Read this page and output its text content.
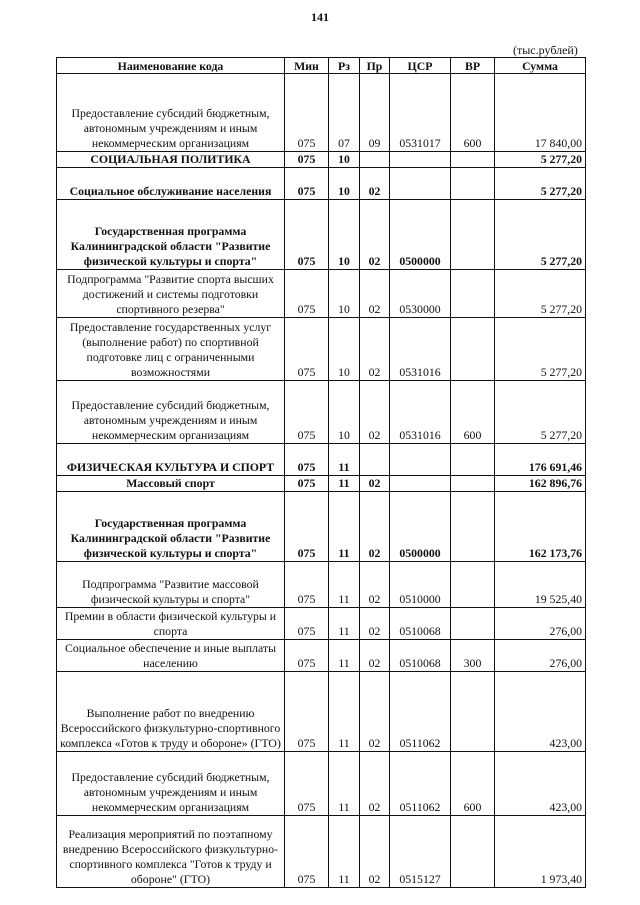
141
(тыс.рублей)
Наименование кода	Мин	Рз	Пр	ЦСР	ВР	Сумма
Предоставление субсидий бюджетным, автономным учреждениям и иным некоммерческим организациям	075	07	09	0531017	600	17 840,00
СОЦИАЛЬНАЯ ПОЛИТИКА	075	10				5 277,20
Социальное обслуживание населения	075	10	02			5 277,20
Государственная программа Калининградской области "Развитие физической культуры и спорта"	075	10	02	0500000		5 277,20
Подпрограмма "Развитие спорта высших достижений и системы подготовки спортивного резерва"	075	10	02	0530000		5 277,20
Предоставление государственных услуг (выполнение работ) по спортивной подготовке лиц с ограниченными возможностями	075	10	02	0531016		5 277,20
Предоставление субсидий бюджетным, автономным учреждениям и иным некоммерческим организациям	075	10	02	0531016	600	5 277,20
ФИЗИЧЕСКАЯ КУЛЬТУРА И СПОРТ	075	11				176 691,46
Массовый спорт	075	11	02			162 896,76
Государственная программа Калининградской области "Развитие физической культуры и спорта"	075	11	02	0500000		162 173,76
Подпрограмма "Развитие массовой физической культуры и спорта"	075	11	02	0510000		19 525,40
Премии в области физической культуры и спорта	075	11	02	0510068		276,00
Социальное обеспечение и иные выплаты населению	075	11	02	0510068	300	276,00
Выполнение работ по внедрению Всероссийского физкультурно-спортивного комплекса «Готов к труду и обороне» (ГТО)	075	11	02	0511062		423,00
Предоставление субсидий бюджетным, автономным учреждениям и иным некоммерческим организациям	075	11	02	0511062	600	423,00
Реализация мероприятий по поэтапному внедрению Всероссийского физкультурно-спортивного комплекса "Готов к труду и обороне" (ГТО)	075	11	02	0515127		1 973,40
